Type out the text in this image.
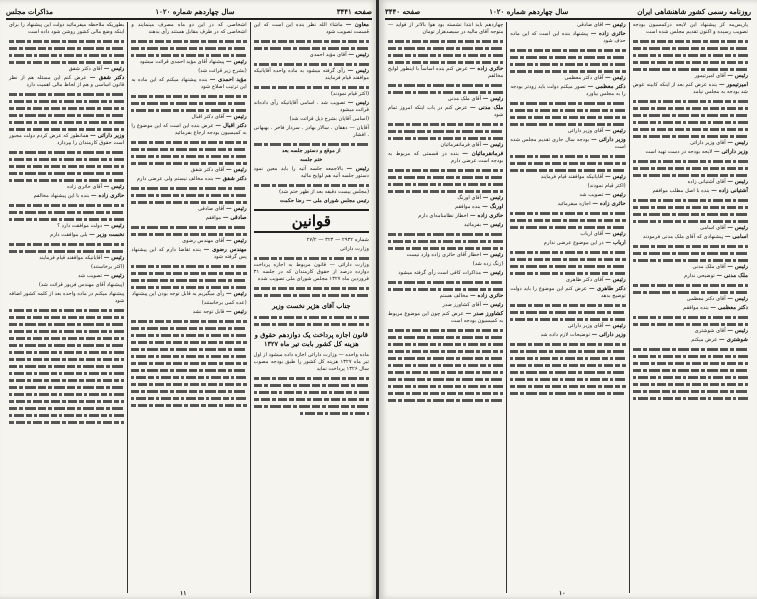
صفحه ۳۴۴۱
سال چهاردهم شماره ۱۰۲۰
مذاکرات مجلس

معاون — ماشاء الله نظر بنده این است که این قسمت تصویب شود

رئیس — آقای مؤید احمدی

رئیس — رأی گرفته میشود به ماده واحده آقایانیکه موافقند قیام فرمایند

(اکثر قیام نمودند)

رئیس — تصویب شد . اسامی آقایانیکه رأی داده‌اند قرائت میشود

(اسامی آقایان بشرح ذیل قرائت شد)

آقایان — دهقان . سالار بهادر . سردار فاخر . بهبهانی . افشار

از موقع و دستور جلسه بعد

ختم جلسه

رئیس — بالاجمعه جلسه آتیه را باید معین نمود دستور جلسه آتیه هم لوایح مالیه

(مجلس بیست دقیقه بعد از ظهر ختم شد)

رئیس مجلس شورای ملی — رضا حکمت

قوانین

شماره ۲۹۳۲ — ۳۲۴ — ۲۷/۲

وزارت دارائی

وزارت دارائی — قانون مربوط به اجازه پرداخت دوازده درصد از حقوق کارمندان که در جلسه ۳۱ فروردین ماه ۱۳۲۷ مجلس شورای ملی تصویب شده

جناب آقای هژیر نخست وزیر
قانون اجازه پرداخت یک دوازدهم حقوق و هزینه کل کشور بابت تیر ماه ۱۳۲۷

ماده واحده — وزارت دارائی اجازه داده میشود از اول تیر ماه ۱۳۲۷ هزینه کل کشور را طبق بودجه مصوب سال ۱۳۲۶ پرداخت نماید

اشخاصی که در این دو ماه مصرف مینمایند و اشخاصی که در طرف مقابل هستند رأی بدهند

رئیس — پیشنهاد آقای مؤید احمدی قرائت میشود

(بشرح زیر قرائت شد)

مؤید احمدی — بنده پیشنهاد میکنم که این ماده به این ترتیب اصلاح شود

رئیس — آقای دکتر اقبال

دکتر اقبال — عرض بنده این است که این موضوع را به کمیسیون بودجه ارجاع بفرمائید

رئیس — آقای دکتر شفق

دکتر شفق — بنده مخالف نیستم ولی عرضی دارم

رئیس — آقای صادقی

صادقی — موافقم

رئیس — آقای مهندس رضوی

مهندس رضوی — بنده تقاضا دارم که این پیشنهاد پس گرفته شود

رئیس — رأی میگیریم به قابل توجه بودن این پیشنهاد

(عده کمی برخاستند)

رئیس — قابل توجه نشد

بطوریکه ملاحظه میفرمائید دولت این پیشنهاد را برای اینکه وضع مالی کشور روشن شود داده است

رئیس — آقای دکتر شفق

دکتر شفق — عرض کنم این مسئله هم از نظر قانون اساسی و هم از لحاظ مالی اهمیت دارد

وزیر دارائی — همانطور که عرض کردم دولت مجبور است حقوق کارمندان را بپردازد

رئیس — آقای حائری زاده

حائری زاده — بنده با این پیشنهاد مخالفم

رئیس — دولت موافقت دارد ؟

نخست وزیر — بلی موافقت دارم

رئیس — آقایانیکه موافقند قیام فرمایند

(اکثر برخاستند)

رئیس — تصویب شد

(پیشنهاد آقای مهندس فریور قرائت شد)

پیشنهاد میکنم در ماده واحده بعد از کلمه کشور اضافه شود

۱۱
روزنامه رسمی کشور شاهنشاهی ایران
سال چهاردهم شماره ۱۰۲۰
صفحه ۳۴۴۰

پاریس‌مه کز پیشنهاد این لایحه درکمسیون بودجه تصویب رسیده و اکنون تقدیم مجلس شده است

رئیس — آقای امیرتیمور

امیرتیمور — بنده عرض کنم بعد از اینکه کابینه عوض شد بودجه به مجلس نیامد

رئیس — آقای وزیر دارائی

وزیر دارائی — لایحه بودجه در دست تهیه است

رئیس — آقای آشتیانی زاده

آشتیانی زاده — بنده با اصل مطلب موافقم

رئیس — آقای اسامی

اسامی — پیشنهادی که آقای ملک مدنی فرمودند

رئیس — آقای ملک مدنی

ملک مدنی — توضیحی ندارم

رئیس — آقای دکتر معظمی

دکتر معظمی — بنده موافقم

رئیس — آقای شوشتری

شوشتری — عرض میکنم

رئیس — آقای صادقی

حائری زاده — پیشنهاد بنده این است که این ماده حذف شود

رئیس — آقای دکتر معظمی

دکتر معظمی — تصور میکنم دولت باید زودتر بودجه را به مجلس بیاورد

رئیس — آقای وزیر دارائی

وزیر دارائی — بودجه سال جاری تقدیم مجلس شده است

رئیس — آقایانیکه موافقند قیام فرمایند

(اکثر قیام نمودند)

رئیس — تصویب شد

حائری زاده — اجازه میفرمائید

رئیس — آقای ارباب

ارباب — در این موضوع عرضی ندارم

رئیس — آقای دکتر طاهری

دکتر طاهری — عرض کنم این موضوع را باید دولت توضیح بدهد

رئیس — آقای وزیر دارائی

وزیر دارائی — توضیحات لازم داده شد

چهاردهم باید ابتدا نشسته بود هوا بالاتر از فواید — متوجه آقای مالیه در سیصدهزار تومان

حائری زاده — عرض کنم بنده اساساً با اینطور لوایح مخالفم

رئیس — آقای ملک مدنی

ملک مدنی — عرض کنم در باب اینکه امروز تمام شود

رئیس — آقای فرمانفرمائیان

فرمانفرمائیان — بنده در قسمتی که مربوط به بودجه است عرضی دارم

رئیس — آقای اورنگ

اورنگ — بنده موافقم

حائری زاده — اخطار نظامنامه‌ای دارم

رئیس — بفرمائید

رئیس — اخطار آقای حائری زاده وارد نیست

(زنگ زده شد)

رئیس — مذاکرات کافی است رأی گرفته میشود

حائری زاده — مخالف هستم

رئیس — آقای کشاورز صدر

کشاورز صدر — عرض کنم چون این موضوع مربوط به کمیسیون بودجه است

۱۰
